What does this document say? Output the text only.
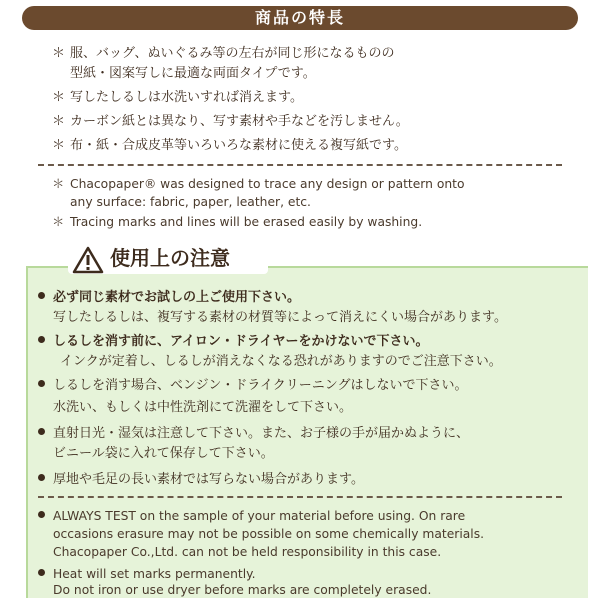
商品の特長
＊ 服、バッグ、ぬいぐるみ等の左右が同じ形になるものの
型紙・図案写しに最適な両面タイプです。
＊ 写したしるしは水洗いすれば消えます。
＊ カーボン紙とは異なり、写す素材や手などを汚しません。
＊ 布・紙・合成皮革等いろいろな素材に使える複写紙です。
＊ Chacopaper® was designed to trace any design or pattern onto
any surface: fabric, paper, leather, etc.
＊ Tracing marks and lines will be erased easily by washing.
使用上の注意
必ず同じ素材でお試しの上ご使用下さい。
写したしるしは、複写する素材の材質等によって消えにくい場合があります。
しるしを消す前に、アイロン・ドライヤーをかけないで下さい。
インクが定着し、しるしが消えなくなる恐れがありますのでご注意下さい。
しるしを消す場合、ベンジン・ドライクリーニングはしないで下さい。
水洗い、もしくは中性洗剤にて洗濯をして下さい。
直射日光・湿気は注意して下さい。また、お子様の手が届かぬように、
ビニール袋に入れて保存して下さい。
厚地や毛足の長い素材では写らない場合があります。
ALWAYS TEST on the sample of your material before using. On rare
occasions erasure may not be possible on some chemically materials.
Chacopaper Co.,Ltd. can not be held responsibility in this case.
Heat will set marks permanently.
Do not iron or use dryer before marks are completely erased.
